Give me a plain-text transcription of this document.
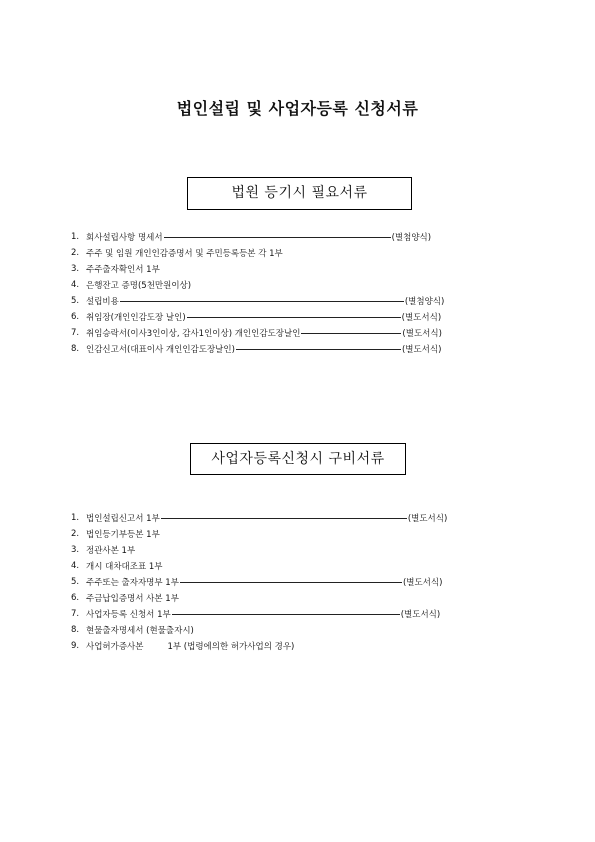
법인설립 및 사업자등록 신청서류
법원 등기시 필요서류
1. 회사설립사항 명세서	(별첨양식)
2. 주주 및 임원 개인인감증명서 및 주민등록등본 각 1부
3. 주주출자확인서 1부
4. 은행잔고 증명(5천만원이상)
5. 설립비용	(별첨양식)
6. 취임장(개인인감도장 날인)	(별도서식)
7. 취임승락서(이사3인이상, 감사1인이상) 개인인감도장날인	(별도서식)
8. 인감신고서(대표이사 개인인감도장날인)	(별도서식)
사업자등록신청시 구비서류
1. 법인설립신고서 1부	(별도서식)
2. 법인등기부등본 1부
3. 정관사본 1부
4. 개시 대차대조표 1부
5. 주주또는 출자자명부 1부	(별도서식)
6. 주금납입증명서 사본 1부
7. 사업자등록 신청서 1부	(별도서식)
8. 현물출자명세서 (현물출자시)
9. 사업허가증사본	1부 (법령에의한 허가사업의 경우)
